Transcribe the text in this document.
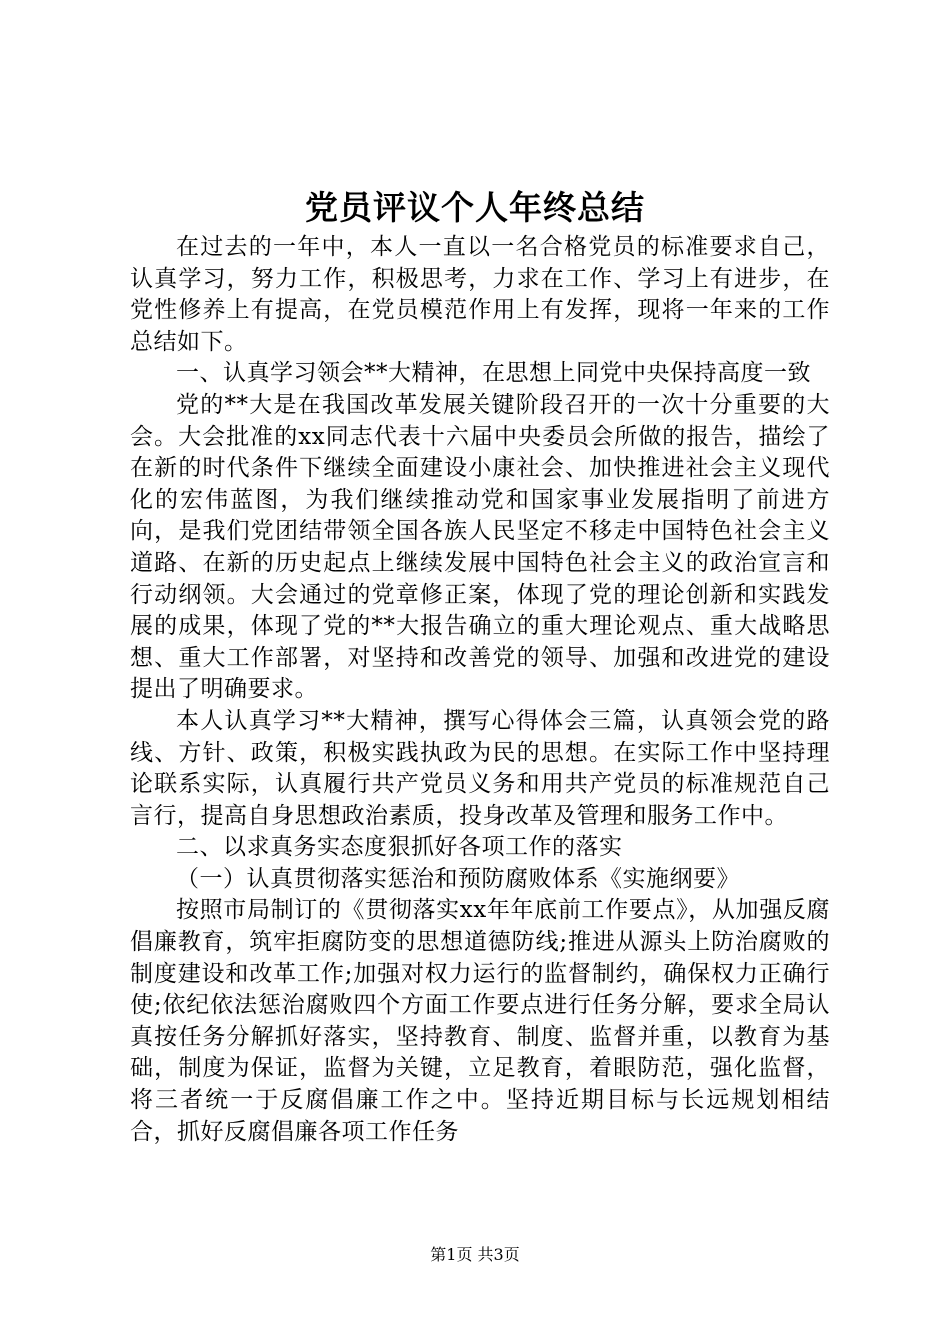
党员评议个人年终总结

在过去的一年中，本人一直以一名合格党员的标准要求自己，认真学习，努力工作，积极思考，力求在工作、学习上有进步，在党性修养上有提高，在党员模范作用上有发挥，现将一年来的工作总结如下。

一、认真学习领会**大精神，在思想上同党中央保持高度一致

党的**大是在我国改革发展关键阶段召开的一次十分重要的大会。大会批准的xx同志代表十六届中央委员会所做的报告，描绘了在新的时代条件下继续全面建设小康社会、加快推进社会主义现代化的宏伟蓝图，为我们继续推动党和国家事业发展指明了前进方向，是我们党团结带领全国各族人民坚定不移走中国特色社会主义道路、在新的历史起点上继续发展中国特色社会主义的政治宣言和行动纲领。大会通过的党章修正案，体现了党的理论创新和实践发展的成果，体现了党的**大报告确立的重大理论观点、重大战略思想、重大工作部署，对坚持和改善党的领导、加强和改进党的建设提出了明确要求。

本人认真学习**大精神，撰写心得体会三篇，认真领会党的路线、方针、政策，积极实践执政为民的思想。在实际工作中坚持理论联系实际，认真履行共产党员义务和用共产党员的标准规范自己言行，提高自身思想政治素质，投身改革及管理和服务工作中。

二、以求真务实态度狠抓好各项工作的落实

（一）认真贯彻落实惩治和预防腐败体系《实施纲要》

按照市局制订的《贯彻落实xx年年底前工作要点》，从加强反腐倡廉教育，筑牢拒腐防变的思想道德防线;推进从源头上防治腐败的制度建设和改革工作;加强对权力运行的监督制约，确保权力正确行使;依纪依法惩治腐败四个方面工作要点进行任务分解，要求全局认真按任务分解抓好落实，坚持教育、制度、监督并重，以教育为基础，制度为保证，监督为关键，立足教育，着眼防范，强化监督，将三者统一于反腐倡廉工作之中。坚持近期目标与长远规划相结合，抓好反腐倡廉各项工作任务

第1页 共3页
